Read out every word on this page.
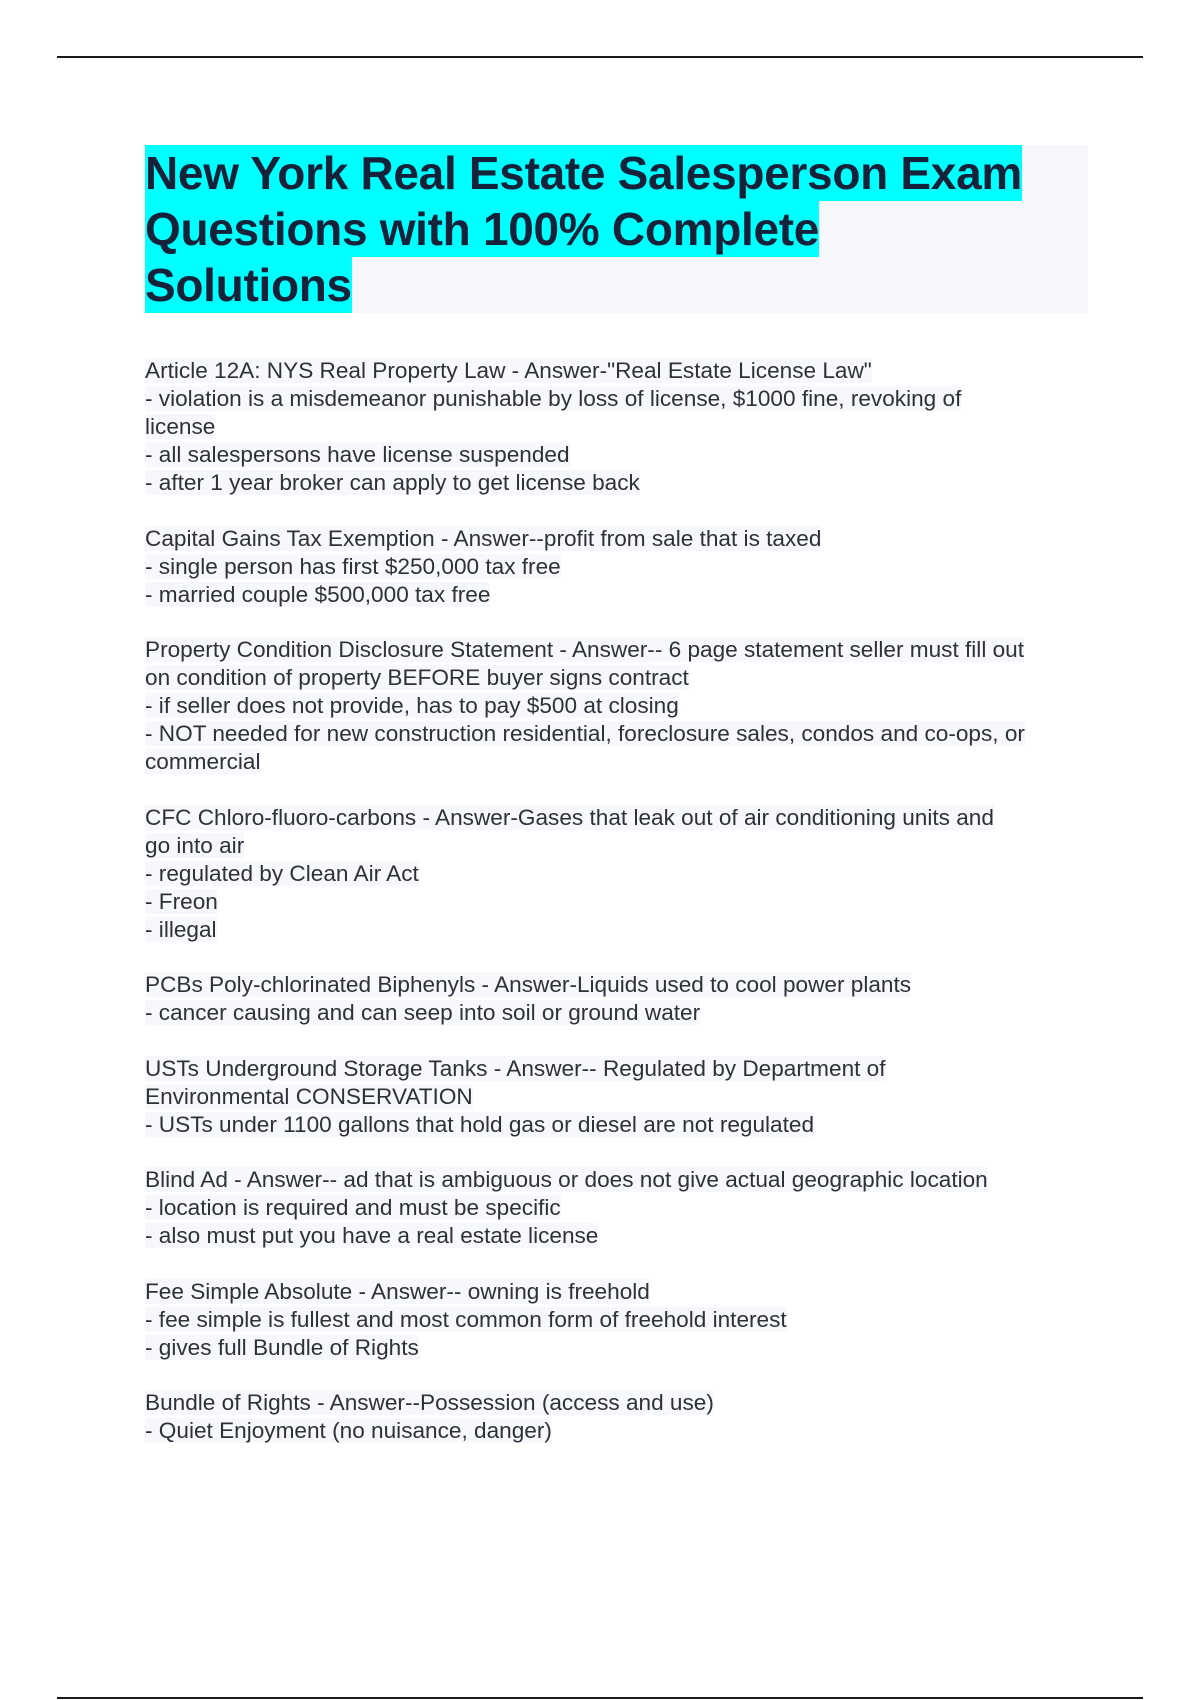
New York Real Estate Salesperson Exam
Questions with 100% Complete
Solutions
Article 12A: NYS Real Property Law - Answer-"Real Estate License Law"
- violation is a misdemeanor punishable by loss of license, $1000 fine, revoking of
license
- all salespersons have license suspended
- after 1 year broker can apply to get license back
Capital Gains Tax Exemption - Answer--profit from sale that is taxed
- single person has first $250,000 tax free
- married couple $500,000 tax free
Property Condition Disclosure Statement - Answer-- 6 page statement seller must fill out
on condition of property BEFORE buyer signs contract
- if seller does not provide, has to pay $500 at closing
- NOT needed for new construction residential, foreclosure sales, condos and co-ops, or
commercial
CFC Chloro-fluoro-carbons - Answer-Gases that leak out of air conditioning units and
go into air
- regulated by Clean Air Act
- Freon
- illegal
PCBs Poly-chlorinated Biphenyls - Answer-Liquids used to cool power plants
- cancer causing and can seep into soil or ground water
USTs Underground Storage Tanks - Answer-- Regulated by Department of
Environmental CONSERVATION
- USTs under 1100 gallons that hold gas or diesel are not regulated
Blind Ad - Answer-- ad that is ambiguous or does not give actual geographic location
- location is required and must be specific
- also must put you have a real estate license
Fee Simple Absolute - Answer-- owning is freehold
- fee simple is fullest and most common form of freehold interest
- gives full Bundle of Rights
Bundle of Rights - Answer--Possession (access and use)
- Quiet Enjoyment (no nuisance, danger)
